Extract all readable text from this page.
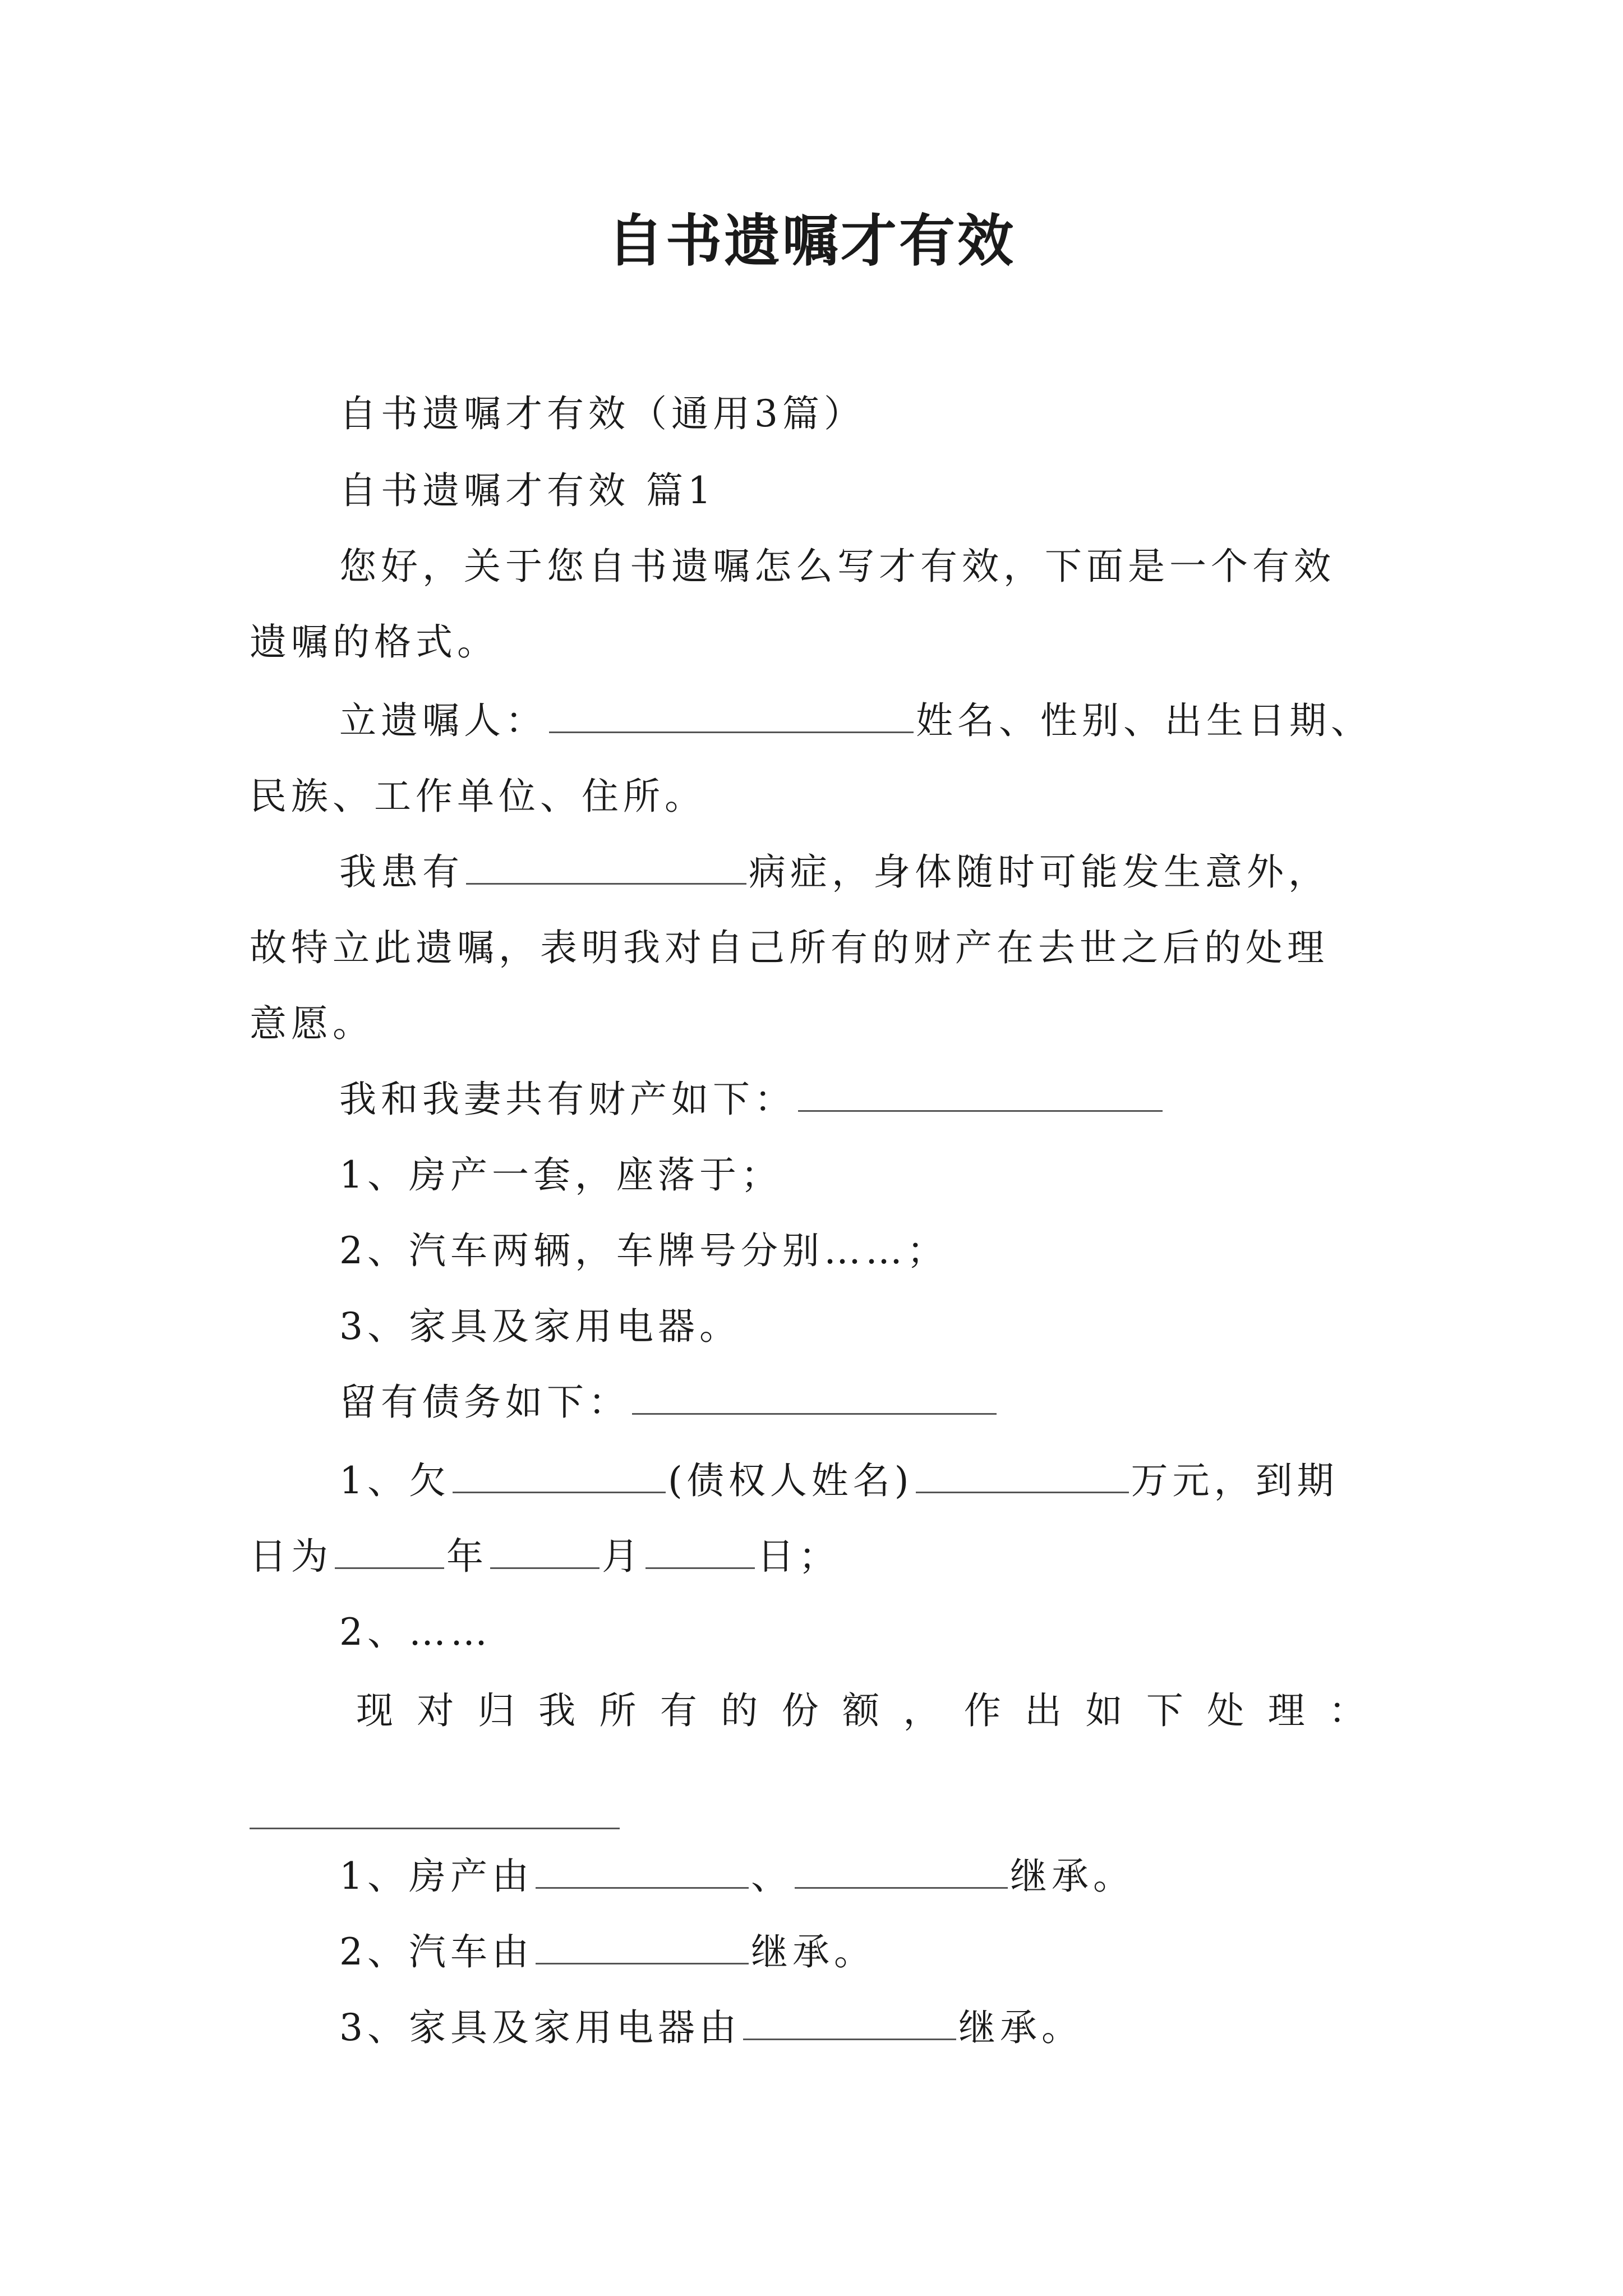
自书遗嘱才有效
自书遗嘱才有效（通用3篇）
自书遗嘱才有效 篇1
您好，关于您自书遗嘱怎么写才有效，下面是一个有效
遗嘱的格式。
立遗嘱人：	姓名、性别、出生日期、
民族、工作单位、住所。
我患有	病症，身体随时可能发生意外，
故特立此遗嘱，表明我对自己所有的财产在去世之后的处理
意愿。
我和我妻共有财产如下：
1、房产一套，座落于；
2、汽车两辆，车牌号分别……；
3、家具及家用电器。
留有债务如下：
1、欠	(债权人姓名)	万元，到期
日为	年	月	日；
2、……
现 对 归 我 所 有 的 份 额 ， 作 出 如 下 处 理 ：
1、房产由	、	继承。
2、汽车由	继承。
3、家具及家用电器由	继承。
